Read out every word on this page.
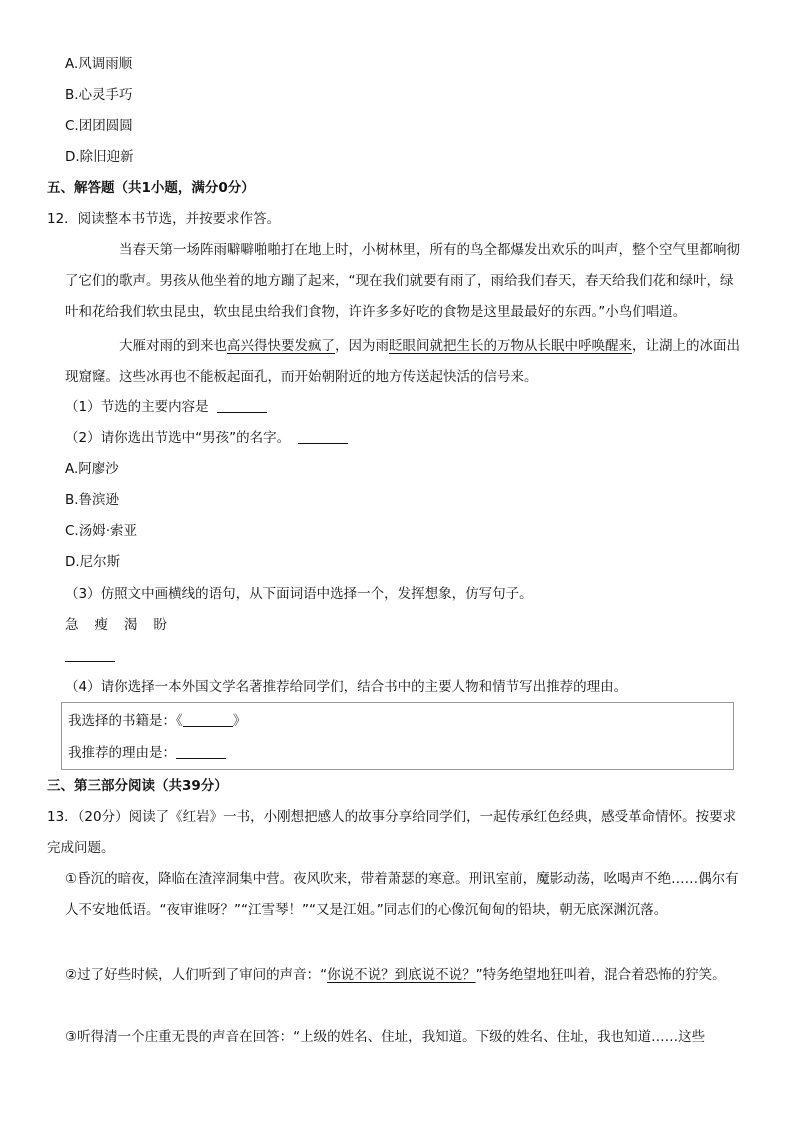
A.风调雨顺
B.心灵手巧
C.团团圆圆
D.除旧迎新
五、解答题（共1小题，满分0分）
12．阅读整本书节选，并按要求作答。
当春天第一场阵雨噼噼啪啪打在地上时，小树林里，所有的鸟全都爆发出欢乐的叫声，整个空气里都响彻了它们的歌声。男孩从他坐着的地方蹦了起来，“现在我们就要有雨了，雨给我们春天，春天给我们花和绿叶，绿叶和花给我们软虫昆虫，软虫昆虫给我们食物，许许多多好吃的食物是这里最最好的东西。”小鸟们唱道。
大雁对雨的到来也高兴得快要发疯了，因为雨眨眼间就把生长的万物从长眠中呼唤醒来，让湖上的冰面出现窟窿。这些冰再也不能板起面孔，而开始朝附近的地方传送起快活的信号来。
（1）节选的主要内容是
（2）请你选出节选中“男孩”的名字。
A.阿廖沙
B.鲁滨逊
C.汤姆·索亚
D.尼尔斯
（3）仿照文中画横线的语句，从下面词语中选择一个，发挥想象，仿写句子。
急 瘦 渴 盼
（4）请你选择一本外国文学名著推荐给同学们，结合书中的主要人物和情节写出推荐的理由。
我选择的书籍是：《	》
我推荐的理由是：
三、第三部分阅读（共39分）
13．（20分）阅读了《红岩》一书，小刚想把感人的故事分享给同学们，一起传承红色经典，感受革命情怀。按要求完成问题。
①昏沉的暗夜，降临在渣滓洞集中营。夜风吹来，带着萧瑟的寒意。刑讯室前，魔影动荡，吆喝声不绝……偶尔有人不安地低语。“夜审谁呀？”“江雪琴！”“又是江姐。”同志们的心像沉甸甸的铅块，朝无底深渊沉落。
②过了好些时候，人们听到了审问的声音：“你说不说？到底说不说？”特务绝望地狂叫着，混合着恐怖的狞笑。
③听得清一个庄重无畏的声音在回答：“上级的姓名、住址，我知道。下级的姓名、住址，我也知道……这些
